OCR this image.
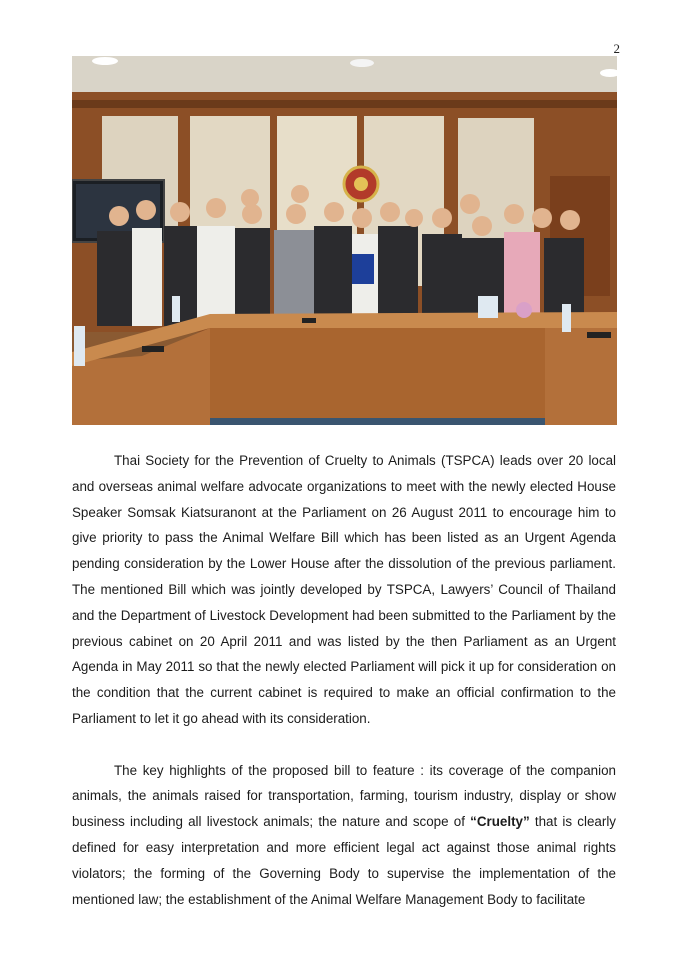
2

Thai Society for the Prevention of Cruelty to Animals (TSPCA) leads over 20 local and overseas animal welfare advocate organizations to meet with the newly elected House Speaker Somsak Kiatsuranont at the Parliament on 26 August 2011 to encourage him to give priority to pass the Animal Welfare Bill which has been listed as an Urgent Agenda pending consideration by the Lower House after the dissolution of the previous parliament. The mentioned Bill which was jointly developed by TSPCA, Lawyers’ Council of Thailand and the Department of Livestock Development had been submitted to the Parliament by the previous cabinet on 20 April 2011 and was listed by the then Parliament as an Urgent Agenda in May 2011 so that the newly elected Parliament will pick it up for consideration on the condition that the current cabinet is required to make an official confirmation to the Parliament to let it go ahead with its consideration.

The key highlights of the proposed bill to feature : its coverage of the companion animals, the animals raised for transportation, farming, tourism industry, display or show business including all livestock animals; the nature and scope of “Cruelty” that is clearly defined for easy interpretation and more efficient legal act against those animal rights violators; the forming of the Governing Body to supervise the implementation of the mentioned law; the establishment of the Animal Welfare Management Body to facilitate
